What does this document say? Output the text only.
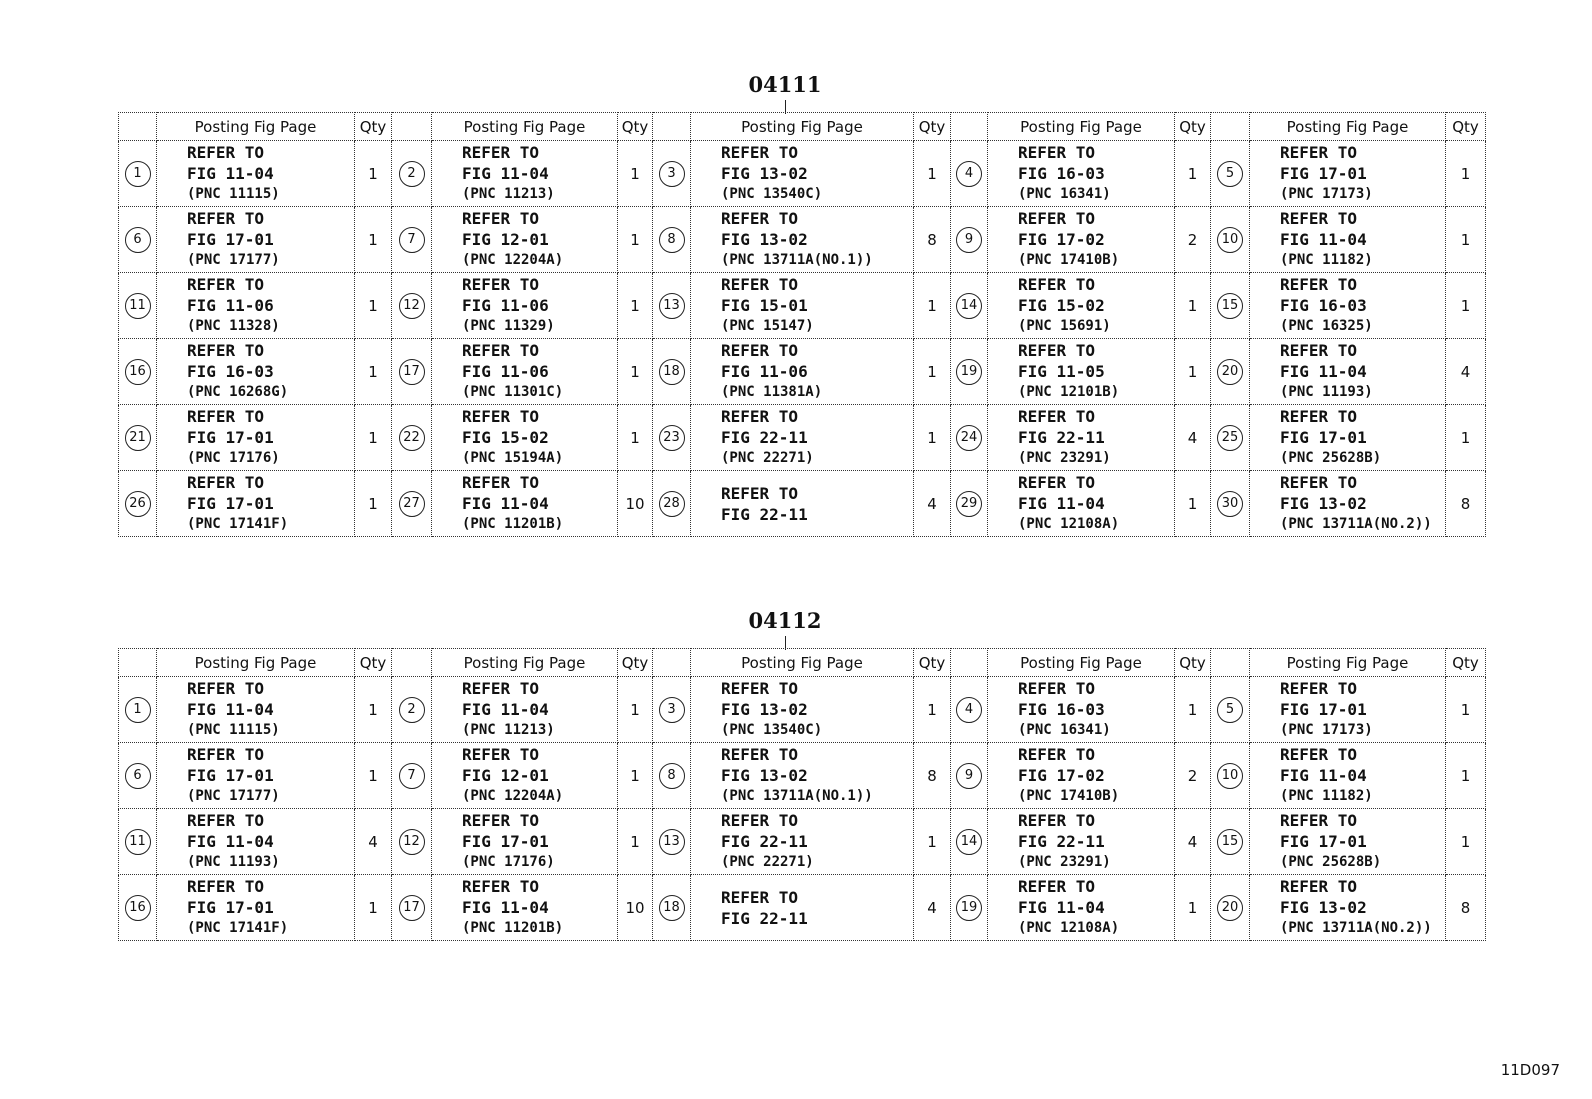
04111
	Posting Fig Page	Qty		Posting Fig Page	Qty		Posting Fig Page	Qty		Posting Fig Page	Qty		Posting Fig Page	Qty
1	REFER TO
FIG 11-04
(PNC 11115)	1	2	REFER TO
FIG 11-04
(PNC 11213)	1	3	REFER TO
FIG 13-02
(PNC 13540C)	1	4	REFER TO
FIG 16-03
(PNC 16341)	1	5	REFER TO
FIG 17-01
(PNC 17173)	1
6	REFER TO
FIG 17-01
(PNC 17177)	1	7	REFER TO
FIG 12-01
(PNC 12204A)	1	8	REFER TO
FIG 13-02
(PNC 13711A(NO.1))	8	9	REFER TO
FIG 17-02
(PNC 17410B)	2	10	REFER TO
FIG 11-04
(PNC 11182)	1
11	REFER TO
FIG 11-06
(PNC 11328)	1	12	REFER TO
FIG 11-06
(PNC 11329)	1	13	REFER TO
FIG 15-01
(PNC 15147)	1	14	REFER TO
FIG 15-02
(PNC 15691)	1	15	REFER TO
FIG 16-03
(PNC 16325)	1
16	REFER TO
FIG 16-03
(PNC 16268G)	1	17	REFER TO
FIG 11-06
(PNC 11301C)	1	18	REFER TO
FIG 11-06
(PNC 11381A)	1	19	REFER TO
FIG 11-05
(PNC 12101B)	1	20	REFER TO
FIG 11-04
(PNC 11193)	4
21	REFER TO
FIG 17-01
(PNC 17176)	1	22	REFER TO
FIG 15-02
(PNC 15194A)	1	23	REFER TO
FIG 22-11
(PNC 22271)	1	24	REFER TO
FIG 22-11
(PNC 23291)	4	25	REFER TO
FIG 17-01
(PNC 25628B)	1
26	REFER TO
FIG 17-01
(PNC 17141F)	1	27	REFER TO
FIG 11-04
(PNC 11201B)	10	28	REFER TO
FIG 22-11	4	29	REFER TO
FIG 11-04
(PNC 12108A)	1	30	REFER TO
FIG 13-02
(PNC 13711A(NO.2))	8
04112
	Posting Fig Page	Qty		Posting Fig Page	Qty		Posting Fig Page	Qty		Posting Fig Page	Qty		Posting Fig Page	Qty
1	REFER TO
FIG 11-04
(PNC 11115)	1	2	REFER TO
FIG 11-04
(PNC 11213)	1	3	REFER TO
FIG 13-02
(PNC 13540C)	1	4	REFER TO
FIG 16-03
(PNC 16341)	1	5	REFER TO
FIG 17-01
(PNC 17173)	1
6	REFER TO
FIG 17-01
(PNC 17177)	1	7	REFER TO
FIG 12-01
(PNC 12204A)	1	8	REFER TO
FIG 13-02
(PNC 13711A(NO.1))	8	9	REFER TO
FIG 17-02
(PNC 17410B)	2	10	REFER TO
FIG 11-04
(PNC 11182)	1
11	REFER TO
FIG 11-04
(PNC 11193)	4	12	REFER TO
FIG 17-01
(PNC 17176)	1	13	REFER TO
FIG 22-11
(PNC 22271)	1	14	REFER TO
FIG 22-11
(PNC 23291)	4	15	REFER TO
FIG 17-01
(PNC 25628B)	1
16	REFER TO
FIG 17-01
(PNC 17141F)	1	17	REFER TO
FIG 11-04
(PNC 11201B)	10	18	REFER TO
FIG 22-11	4	19	REFER TO
FIG 11-04
(PNC 12108A)	1	20	REFER TO
FIG 13-02
(PNC 13711A(NO.2))	8
11D097
